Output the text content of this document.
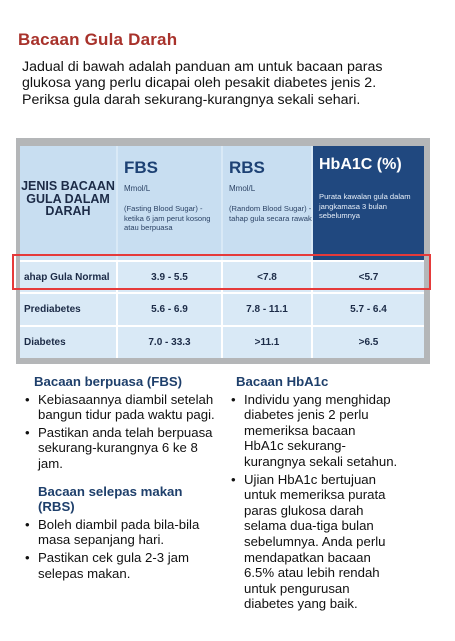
Bacaan Gula Darah
Jadual di bawah adalah panduan am untuk bacaan paras glukosa yang perlu dicapai oleh pesakit diabetes jenis 2. Periksa gula darah sekurang-kurangnya sekali sehari.
JENIS BACAAN GULA DALAM DARAH
FBS
Mmol/L
(Fasting Blood Sugar) - ketika 6 jam perut kosong atau berpuasa
RBS
Mmol/L
(Random Blood Sugar) - tahap gula secara rawak
HbA1C (%)
Purata kawalan gula dalam jangkamasa 3 bulan sebelumnya
ahap Gula Normal	3.9 - 5.5	<7.8	<5.7
Prediabetes	5.6 - 6.9	7.8 - 11.1	5.7 - 6.4
Diabetes	7.0 - 33.3	>11.1	>6.5
Bacaan berpuasa (FBS)
• Kebiasaannya diambil setelah bangun tidur pada waktu pagi.
• Pastikan anda telah berpuasa sekurang-kurangnya 6 ke 8 jam.
Bacaan selepas makan (RBS)
• Boleh diambil pada bila-bila masa sepanjang hari.
• Pastikan cek gula 2-3 jam selepas makan.
Bacaan HbA1c
• Individu yang menghidap diabetes jenis 2 perlu memeriksa bacaan HbA1c sekurang-kurangnya sekali setahun.
• Ujian HbA1c bertujuan untuk memeriksa purata paras glukosa darah selama dua-tiga bulan sebelumnya. Anda perlu mendapatkan bacaan 6.5% atau lebih rendah untuk pengurusan diabetes yang baik.
